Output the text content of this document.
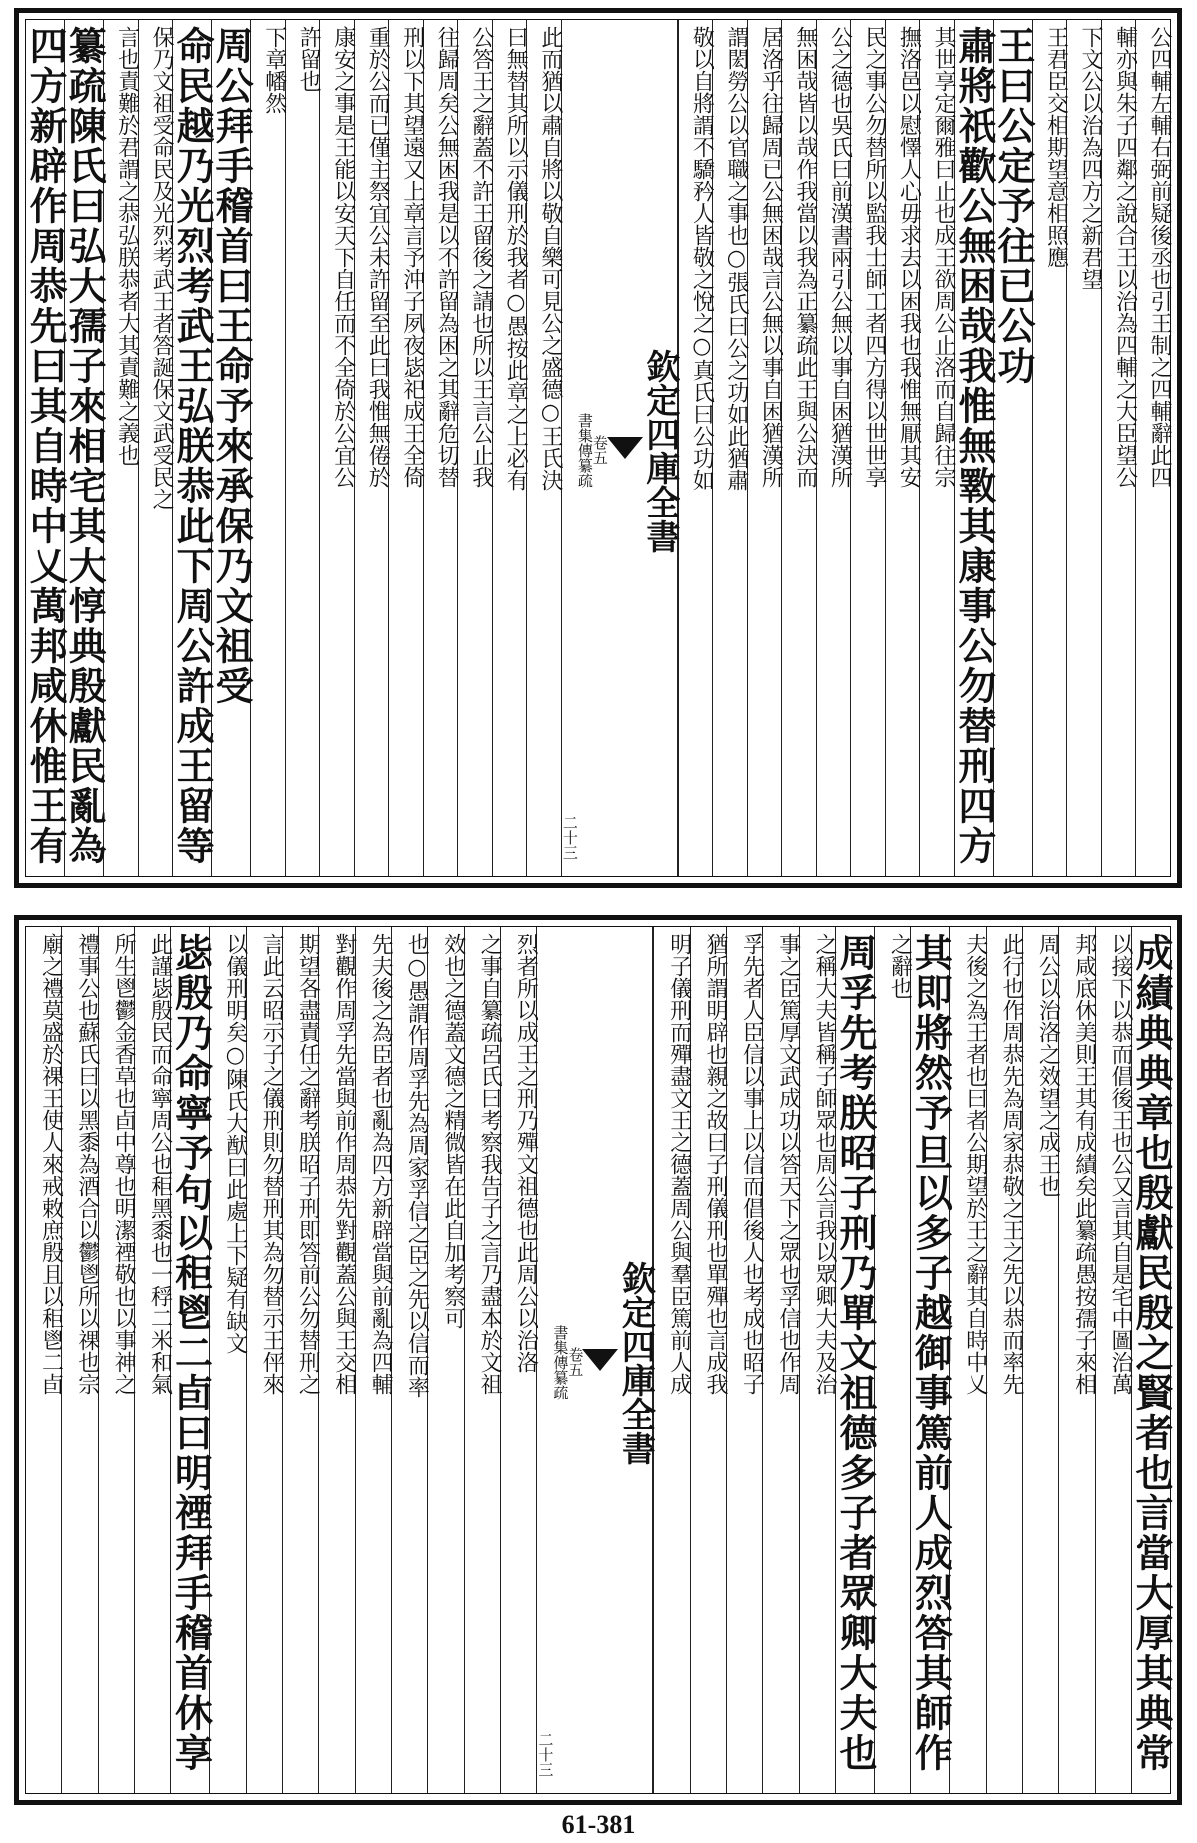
公四輔左輔右弼前疑後丞也引王制之四輔辭此四
輔亦與朱子四鄰之說合王以治為四輔之大臣望公
下文公以治為四方之新君望
王君臣交相期望意相照應
王曰公定予往已公功
肅將祇歡公無困哉我惟無斁其康事公勿替刑四方
其世享定爾雅曰止也成王欲周公止洛而自歸往宗
撫洛邑以慰懌人心毋求去以困我也我惟無厭其安
民之事公勿替所以監我士師工者四方得以世世享
公之德也吳氏曰前漢書兩引公無以事自困猶漢所
無困哉皆以哉作我當以我為正纂疏此王與公決而
居洛乎往歸周已公無困哉言公無以事自困猶漢所
謂閎勞公以官職之事也○張氏曰公之功如此猶肅
敬以自將謂不驕矜人皆敬之悅之○真氏曰公功如
欽定四庫全書
卷五
書集傳纂疏
二十三
此而猶以肅自將以敬自樂可見公之盛德○王氏決
曰無替其所以示儀刑於我者○愚按此章之上必有
公答王之辭蓋不許王留後之請也所以王言公止我
往歸周矣公無困我是以不許留為困之其辭危切替
刑以下其望遠又上章言予沖子夙夜毖祀成王全倚
重於公而已僅主祭宜公未許留至此曰我惟無倦於
康安之事是王能以安天下自任而不全倚於公宜公
許留也
下章幡然
周公拜手稽首曰王命予來承保乃文祖受
命民越乃光烈考武王弘朕恭此下周公許成王留等
保乃文祖受命民及光烈考武王者答誕保文武受民之
言也責難於君謂之恭弘朕恭者大其責難之義也
纂疏陳氏曰弘大孺子來相宅其大惇典殷獻民亂為
四方新辟作周恭先曰其自時中乂萬邦咸休惟王有
成績典典章也殷獻民殷之賢者也言當大厚其典常
以接下以恭而倡後王也公又言其自是宅中圖治萬
邦咸底休美則王其有成績矣此纂疏愚按孺子來相
周公以治洛之效望之成王也
此行也作周恭先為周家恭敬之王之先以恭而率先
夫後之為王者也曰者公期望於王之辭其自時中乂
其即將然予旦以多子越御事篤前人成烈答其師作
之辭也
周孚先考朕昭子刑乃單文祖德多子者眾卿大夫也
之稱大夫皆稱子師眾也周公言我以眾卿大夫及治
事之臣篤厚文武成功以答天下之眾也孚信也作周
孚先者人臣信以事上以信而倡後人也考成也昭子
猶所謂明辟也親之故曰子刑儀刑也單殫也言成我
明子儀刑而殫盡文王之德蓋周公與羣臣篤前人成
欽定四庫全書
卷五
書集傳纂疏
二十三
烈者所以成王之刑乃殫文祖德也此周公以治洛
之事自纂疏呂氏曰考察我告子之言乃盡本於文祖
效也之德蓋文德之精微皆在此自加考察可
也○愚謂作周孚先為周家孚信之臣之先以信而率
先夫後之為臣者也亂為四方新辟當與前亂為四輔
對觀作周孚先當與前作周恭先對觀蓋公與王交相
期望各盡責任之辭考朕昭子刑即答前公勿替刑之
言此云昭示子之儀刑則勿替刑其為勿替示王伻來
以儀刑明矣○陳氏大猷曰此處上下疑有缺文
毖殷乃命寧予句以秬鬯二卣曰明禋拜手稽首休享
此謹毖殷民而命寧周公也秬黑黍也一稃二米和氣
所生鬯鬱金香草也卣中尊也明潔禋敬也以事神之
禮事公也蘇氏曰以黑黍為酒合以鬱鬯所以祼也宗
廟之禮莫盛於祼王使人來戒敕庶殷且以秬鬯二卣
61-381
